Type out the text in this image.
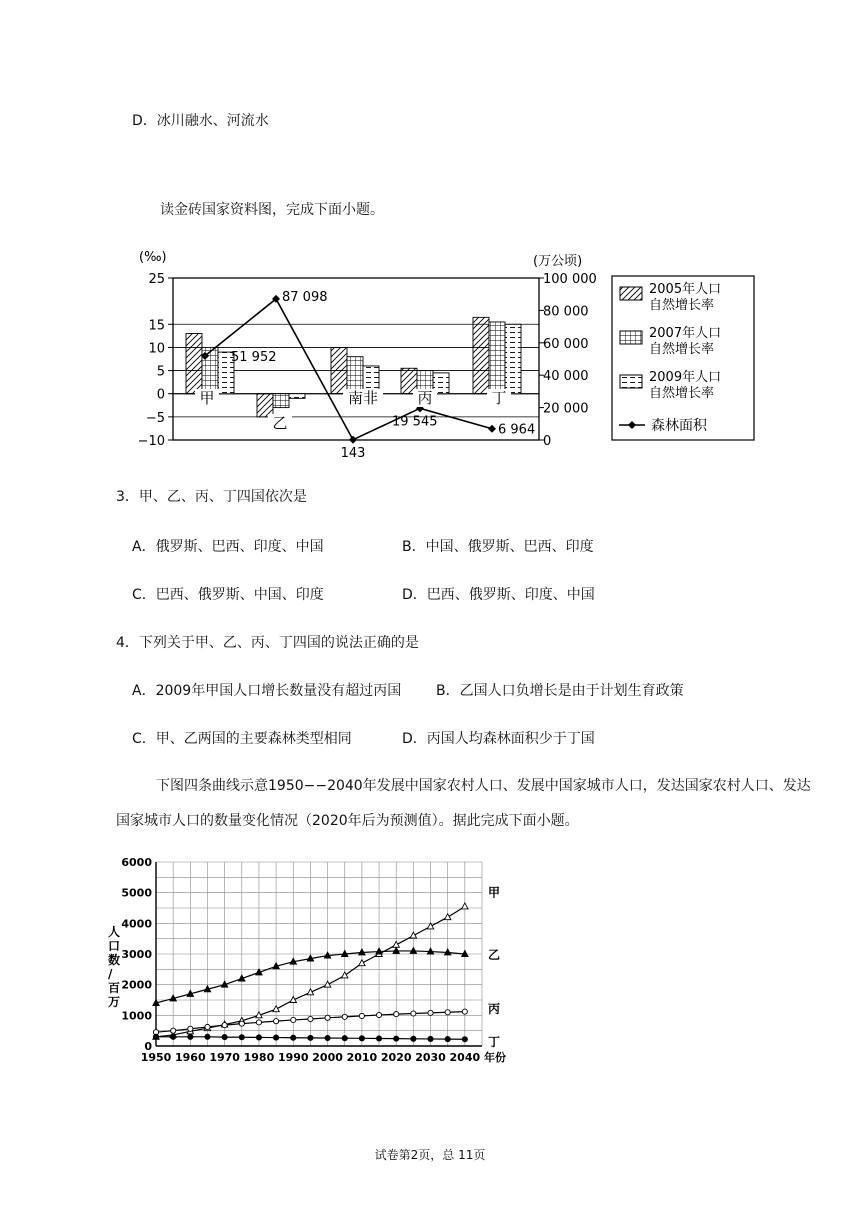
D．冰川融水、河流水
读金砖国家资料图，完成下面小题。
(‰)	(万公顷)
25
15
10
5
0
−5
−10
100 000
80 000
60 000
40 000
20 000
0
51 952
87 098
143
19 545
6 964
甲
乙
南非	丙	丁
2005年人口
自然增长率
2007年人口
自然增长率
2009年人口
自然增长率
森林面积
3．甲、乙、丙、丁四国依次是
A．俄罗斯、巴西、印度、中国	B．中国、俄罗斯、巴西、印度
C．巴西、俄罗斯、中国、印度	D．巴西、俄罗斯、印度、中国
4．下列关于甲、乙、丙、丁四国的说法正确的是
A．2009年甲国人口增长数量没有超过丙国 B．乙国人口负增长是由于计划生育政策
C．甲、乙两国的主要森林类型相同	D．丙国人均森林面积少于丁国
下图四条曲线示意1950−−2040年发展中国家农村人口、发展中国家城市人口，发达国家农村人口、发达国家城市人口的数量变化情况（2020年后为预测值）。据此完成下面小题。
6000
5000
4000
3000
2000
1000
0
1950 1960 1970 1980 1990 2000 2010 2020 2030 2040 年份
人
口
数
/
百
万
甲
乙
丙
丁
试卷第2页，总 11页
